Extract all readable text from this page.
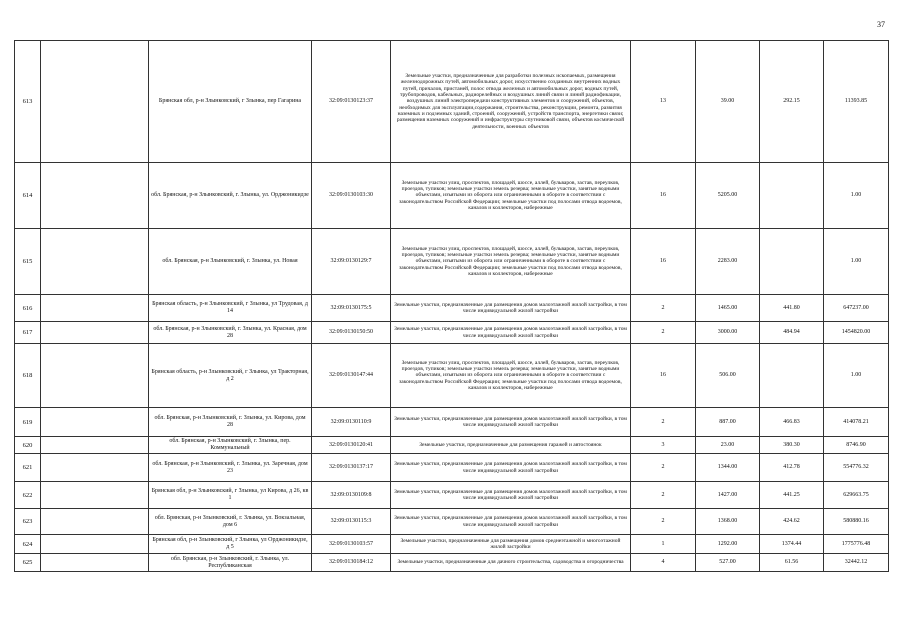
37
613		Брянская обл, р-н Злынковский, г Злынка, пер Гагарина	32:09:0130123:37	Земельные участки, предназначенные для разработки полезных ископаемых, размещения железнодорожных путей, автомобильных дорог, искусственно созданных внутренних водных путей, причалов, пристаней, полос отвода железных и автомобильных дорог, водных путей, трубопроводов, кабельных, радиорелейных и воздушных линий связи и линий радиофикации, воздушных линий электропередачи конструктивных элементов и сооружений, объектов, необходимых для эксплуатации,содержания, строительства, реконструкции, ремонта, развития наземных и подземных зданий, строений, сооружений, устройств транспорта, энергетики связи; размещения наземных сооружений и инфраструктуры спутниковой связи, объектов космической деятельности, военных объектов	13	39.00	292.15	11393.85
614		обл. Брянская, р-н Злынковский, г. Злынка, ул. Орджоникидзе	32:09:0130103:30	Земельные участки улиц, проспектов, площадей, шоссе, аллей, бульваров, застав, переулков, проездов, тупиков; земельные участки земель резерва; земельные участки, занятые водными объектами, изъятыми из оборота или ограниченными в обороте в соответствии с законодательством Российской Федерации; земельные участки под полосами отвода водоемов, каналов и коллекторов, набережные	16	5205.00		1.00
615		обл. Брянская, р-н Злынковский, г. Злынка, ул. Новая	32:09:0130129:7	Земельные участки улиц, проспектов, площадей, шоссе, аллей, бульваров, застав, переулков, проездов, тупиков; земельные участки земель резерва; земельные участки, занятые водными объектами, изъятыми из оборота или ограниченными в обороте в соответствии с законодательством Российской Федерации; земельные участки под полосами отвода водоемов, каналов и коллекторов, набережные	16	2283.00		1.00
616		Брянская область, р-н Злынковский, г Злынка, ул Трудовая, д 14	32:09:0130175:5	Земельные участки, предназначенные для размещения домов малоэтажной жилой застройки, в том числе индивидуальной жилой застройки	2	1465.00	441.80	647237.00
617		обл. Брянская, р-н Злынковский, г. Злынка, ул. Красная, дом 28	32:09:0130150:50	Земельные участки, предназначенные для размещения домов малоэтажной жилой застройки, в том числе индивидуальной жилой застройки	2	3000.00	484.94	1454820.00
618		Брянская область, р-н Злынковский, г Злынка, ул Тракторная, д 2	32:09:0130147:44	Земельные участки улиц, проспектов, площадей, шоссе, аллей, бульваров, застав, переулков, проездов, тупиков; земельные участки земель резерва; земельные участки, занятые водными объектами, изъятыми из оборота или ограниченными в обороте в соответствии с законодательством Российской Федерации; земельные участки под полосами отвода водоемов, каналов и коллекторов, набережные	16	506.00		1.00
619		обл. Брянская, р-н Злынковский, г. Злынка, ул. Кирова, дом 28	32:09:0130110:9	Земельные участки, предназначенные для размещения домов малоэтажной жилой застройки, в том числе индивидуальной жилой застройки	2	887.00	466.83	414078.21
620		обл. Брянская, р-н Злынковский, г. Злынка, пер. Коммунальный	32:09:0130120:41	Земельные участки, предназначенные для размещения гаражей и автостоянок	3	23.00	380.30	8746.90
621		обл. Брянская, р-н Злынковский, г. Злынка, ул. Заречная, дом 23	32:09:0130137:17	Земельные участки, предназначенные для размещения домов малоэтажной жилой застройки, в том числе индивидуальной жилой застройки	2	1344.00	412.78	554776.32
622		Брянская обл, р-н Злынковский, г Злынка, ул Кирова, д 26, кв 1	32:09:0130109:8	Земельные участки, предназначенные для размещения домов малоэтажной жилой застройки, в том числе индивидуальной жилой застройки	2	1427.00	441.25	629663.75
623		обл. Брянская, р-н Злынковский, г. Злынка, ул. Вокзальная, дом 6	32:09:0130115:3	Земельные участки, предназначенные для размещения домов малоэтажной жилой застройки, в том числе индивидуальной жилой застройки	2	1368.00	424.62	580880.16
624		Брянская обл, р-н Злынковский, г Злынка, ул Орджоникидзе, д 5	32:09:0130103:57	Земельные участки, предназначенные для размещения домов среднеэтажной и многоэтажной жилой застройки	1	1292.00	1374.44	1775776.48
625		обл. Брянская, р-н Злынковский, г. Злынка, ул. Республиканская	32:09:0130184:12	Земельные участки, предназначенные для дачного строительства, садоводства и огородничества	4	527.00	61.56	32442.12
